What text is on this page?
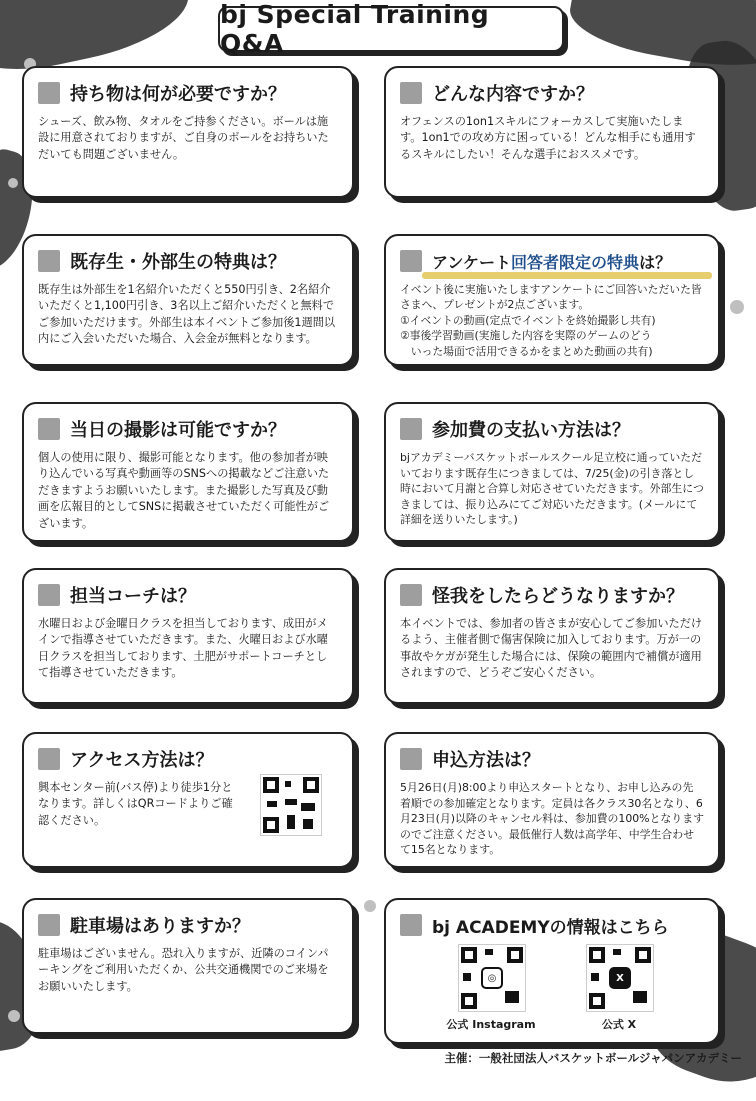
bj Special Training Q&A
持ち物は何が必要ですか？
シューズ、飲み物、タオルをご持参ください。ボールは施設に用意されておりますが、ご自身のボールをお持ちいただいても問題ございません。
どんな内容ですか？
オフェンスの1on1スキルにフォーカスして実施いたします。1on1での攻め方に困っている！どんな相手にも通用するスキルにしたい！そんな選手におススメです。
既存生・外部生の特典は？
既存生は外部生を1名紹介いただくと550円引き、2名紹介いただくと1,100円引き、3名以上ご紹介いただくと無料でご参加いただけます。外部生は本イベントご参加後1週間以内にご入会いただいた場合、入会金が無料となります。
アンケート回答者限定の特典は？
イベント後に実施いたしますアンケートにご回答いただいた皆さまへ、プレゼントが2点ございます。
①イベントの動画(定点でイベントを終始撮影し共有)
②事後学習動画(実施した内容を実際のゲームのどう
　いった場面で活用できるかをまとめた動画の共有)
当日の撮影は可能ですか？
個人の使用に限り、撮影可能となります。他の参加者が映り込んでいる写真や動画等のSNSへの掲載などご注意いただきますようお願いいたします。また撮影した写真及び動画を広報目的としてSNSに掲載させていただく可能性がございます。
参加費の支払い方法は？
bjアカデミーバスケットボールスクール足立校に通っていただいております既存生につきましては、7/25(金)の引き落とし時において月謝と合算し対応させていただきます。外部生につきましては、振り込みにてご対応いただきます。(メールにて詳細を送りいたします。)
担当コーチは？
水曜日および金曜日クラスを担当しております、成田がメインで指導させていただきます。また、火曜日および水曜日クラスを担当しております、土肥がサポートコーチとして指導させていただきます。
怪我をしたらどうなりますか？
本イベントでは、参加者の皆さまが安心してご参加いただけるよう、主催者側で傷害保険に加入しております。万が一の事故やケガが発生した場合には、保険の範囲内で補償が適用されますので、どうぞご安心ください。
アクセス方法は？
興本センター前(バス停)より徒歩1分となります。詳しくはQRコードよりご確認ください。
申込方法は？
5月26日(月)8:00より申込スタートとなり、お申し込みの先着順での参加確定となります。定員は各クラス30名となり、6月23日(月)以降のキャンセル料は、参加費の100%となりますのでご注意ください。最低催行人数は高学年、中学生合わせて15名となります。
駐車場はありますか？
駐車場はございません。恐れ入りますが、近隣のコインパーキングをご利用いただくか、公共交通機関でのご来場をお願いいたします。
bj ACADEMYの情報はこちら
◎
公式 Instagram
X
公式 X
主催：一般社団法人バスケットボールジャパンアカデミー
